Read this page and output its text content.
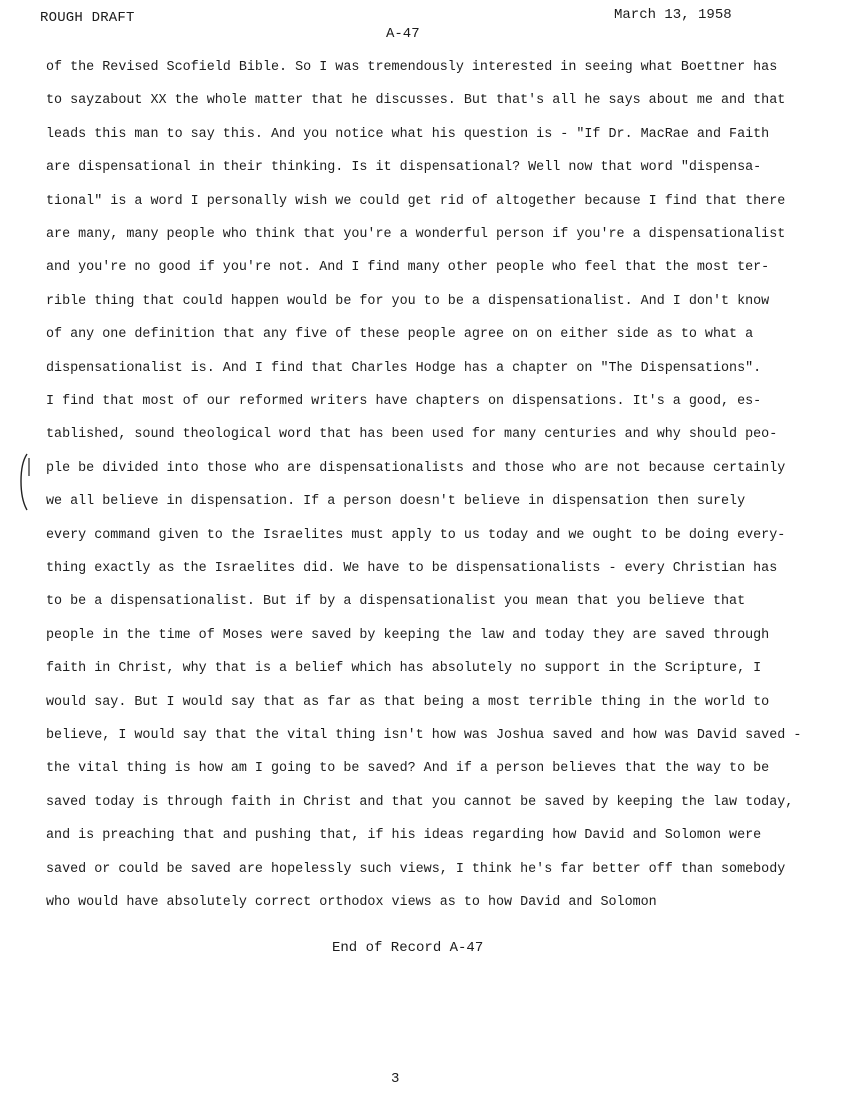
ROUGH DRAFT	March 13, 1958
A-47
of the Revised Scofield Bible. So I was tremendously interested in seeing what Boettner has
to sayzabout XX the whole matter that he discusses. But that's all he says about me and that
leads this man to say this. And you notice what his question is - "If Dr. MacRae and Faith
are dispensational in their thinking. Is it dispensational? Well now that word "dispensa-
tional" is a word I personally wish we could get rid of altogether because I find that there
are many, many people who think that you're a wonderful person if you're a dispensationalist
and you're no good if you're not. And I find many other people who feel that the most ter-
rible thing that could happen would be for you to be a dispensationalist. And I don't know
of any one definition that any five of these people agree on on either side as to what a
dispensationalist is. And I find that Charles Hodge has a chapter on "The Dispensations".
I find that most of our reformed writers have chapters on dispensations. It's a good, es-
tablished, sound theological word that has been used for many centuries and why should peo-
ple be divided into those who are dispensationalists and those who are not because certainly
we all believe in dispensation. If a person doesn't believe in dispensation then surely
every command given to the Israelites must apply to us today and we ought to be doing every-
thing exactly as the Israelites did. We have to be dispensationalists - every Christian has
to be a dispensationalist. But if by a dispensationalist you mean that you believe that
people in the time of Moses were saved by keeping the law and today they are saved through
faith in Christ, why that is a belief which has absolutely no support in the Scripture, I
would say. But I would say that as far as that being a most terrible thing in the world to
believe, I would say that the vital thing isn't how was Joshua saved and how was David saved -
the vital thing is how am I going to be saved? And if a person believes that the way to be
saved today is through faith in Christ and that you cannot be saved by keeping the law today,
and is preaching that and pushing that, if his ideas regarding how David and Solomon were
saved or could be saved are hopelessly such views, I think he's far better off than somebody
who would have absolutely correct orthodox views as to how David and Solomon
End of Record A-47
3
